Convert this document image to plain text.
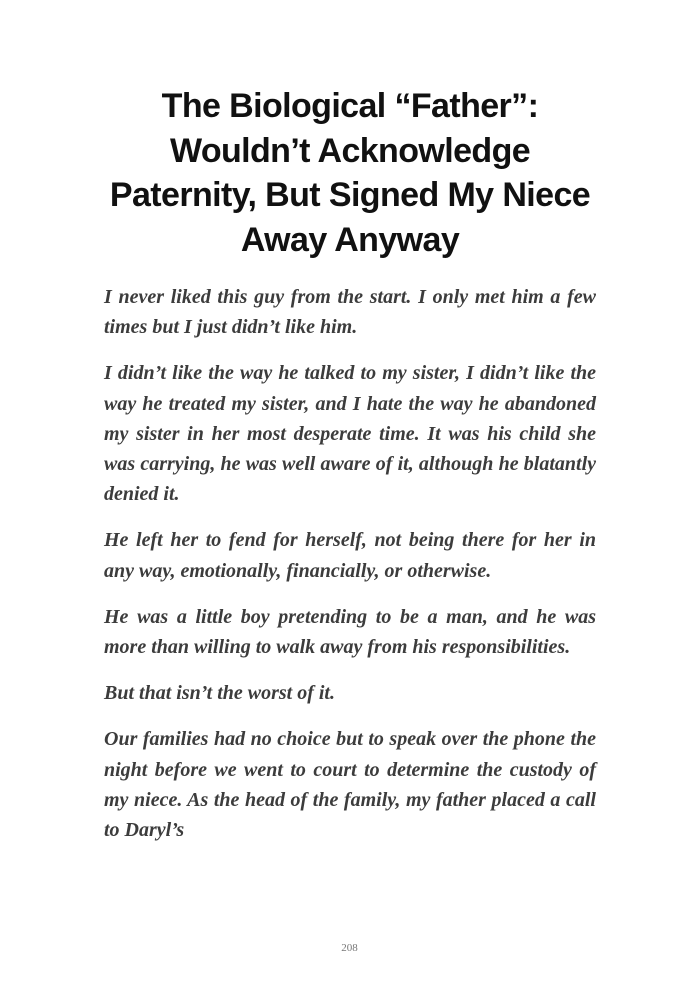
The Biological “Father”: Wouldn’t Acknowledge Paternity, But Signed My Niece Away Anyway

I never liked this guy from the start. I only met him a few times but I just didn’t like him.

I didn’t like the way he talked to my sister, I didn’t like the way he treated my sister, and I hate the way he abandoned my sister in her most desperate time. It was his child she was carrying, he was well aware of it, although he blatantly denied it.

He left her to fend for herself, not being there for her in any way, emotionally, financially, or otherwise.

He was a little boy pretending to be a man, and he was more than willing to walk away from his responsibilities.

But that isn’t the worst of it.

Our families had no choice but to speak over the phone the night before we went to court to determine the custody of my niece. As the head of the family, my father placed a call to Daryl’s

208
